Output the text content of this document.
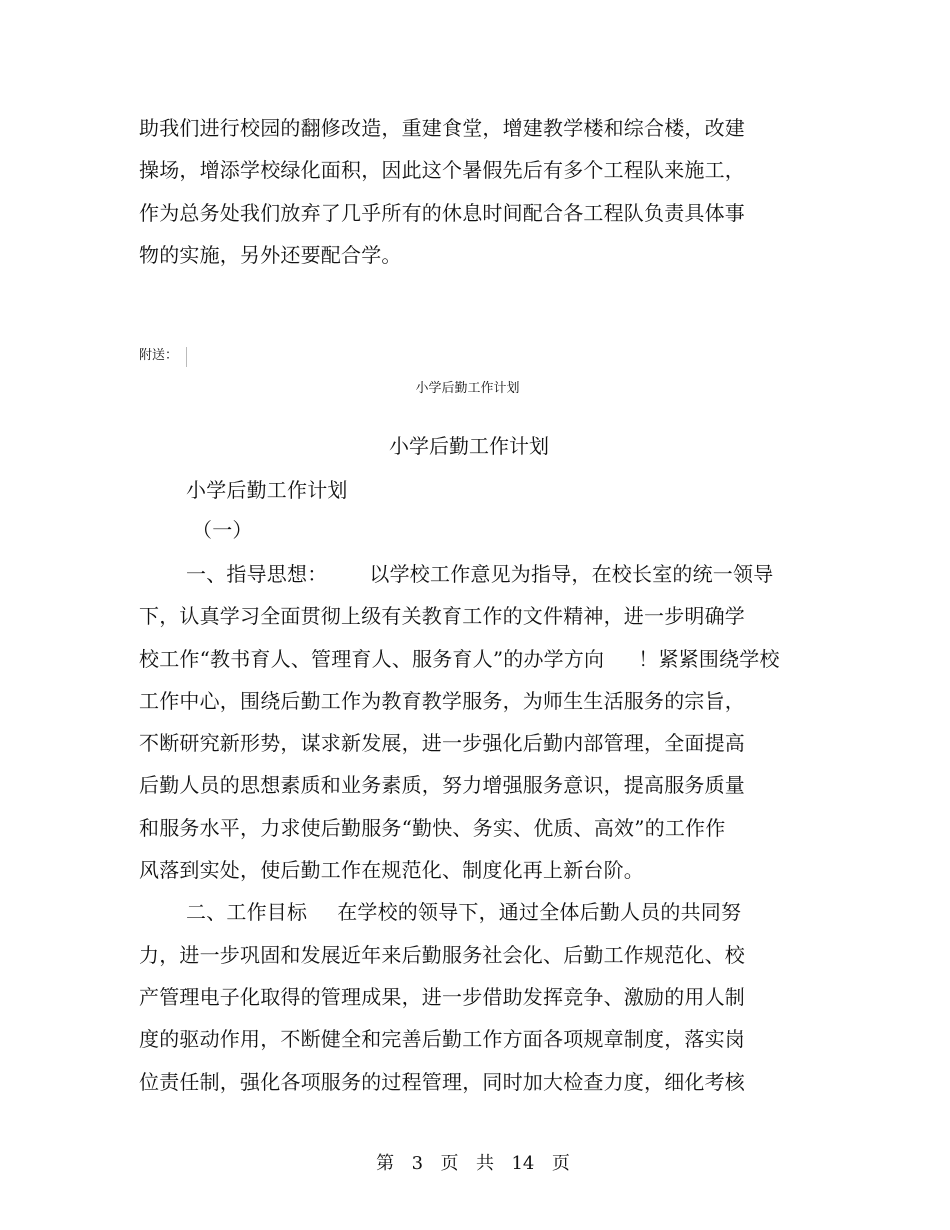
助我们进行校园的翻修改造，重建食堂，增建教学楼和综合楼，改建
操场，增添学校绿化面积，因此这个暑假先后有多个工程队来施工，
作为总务处我们放弃了几乎所有的休息时间配合各工程队负责具体事
物的实施，另外还要配合学。
附送：
小学后勤工作计划
小学后勤工作计划
小学后勤工作计划
（一）
一、指导思想： 以学校工作意见为指导，在校长室的统一领导
下，认真学习全面贯彻上级有关教育工作的文件精神，进一步明确学
校工作“教书育人、管理育人、服务育人”的办学方向 ！紧紧围绕学校
工作中心，围绕后勤工作为教育教学服务，为师生生活服务的宗旨，
不断研究新形势，谋求新发展，进一步强化后勤内部管理，全面提高
后勤人员的思想素质和业务素质，努力增强服务意识，提高服务质量
和服务水平，力求使后勤服务“勤快、务实、优质、高效”的工作作
风落到实处，使后勤工作在规范化、制度化再上新台阶。
二、工作目标 在学校的领导下，通过全体后勤人员的共同努
力，进一步巩固和发展近年来后勤服务社会化、后勤工作规范化、校
产管理电子化取得的管理成果，进一步借助发挥竞争、激励的用人制
度的驱动作用，不断健全和完善后勤工作方面各项规章制度，落实岗
位责任制，强化各项服务的过程管理，同时加大检查力度，细化考核
第 3 页 共 14 页
